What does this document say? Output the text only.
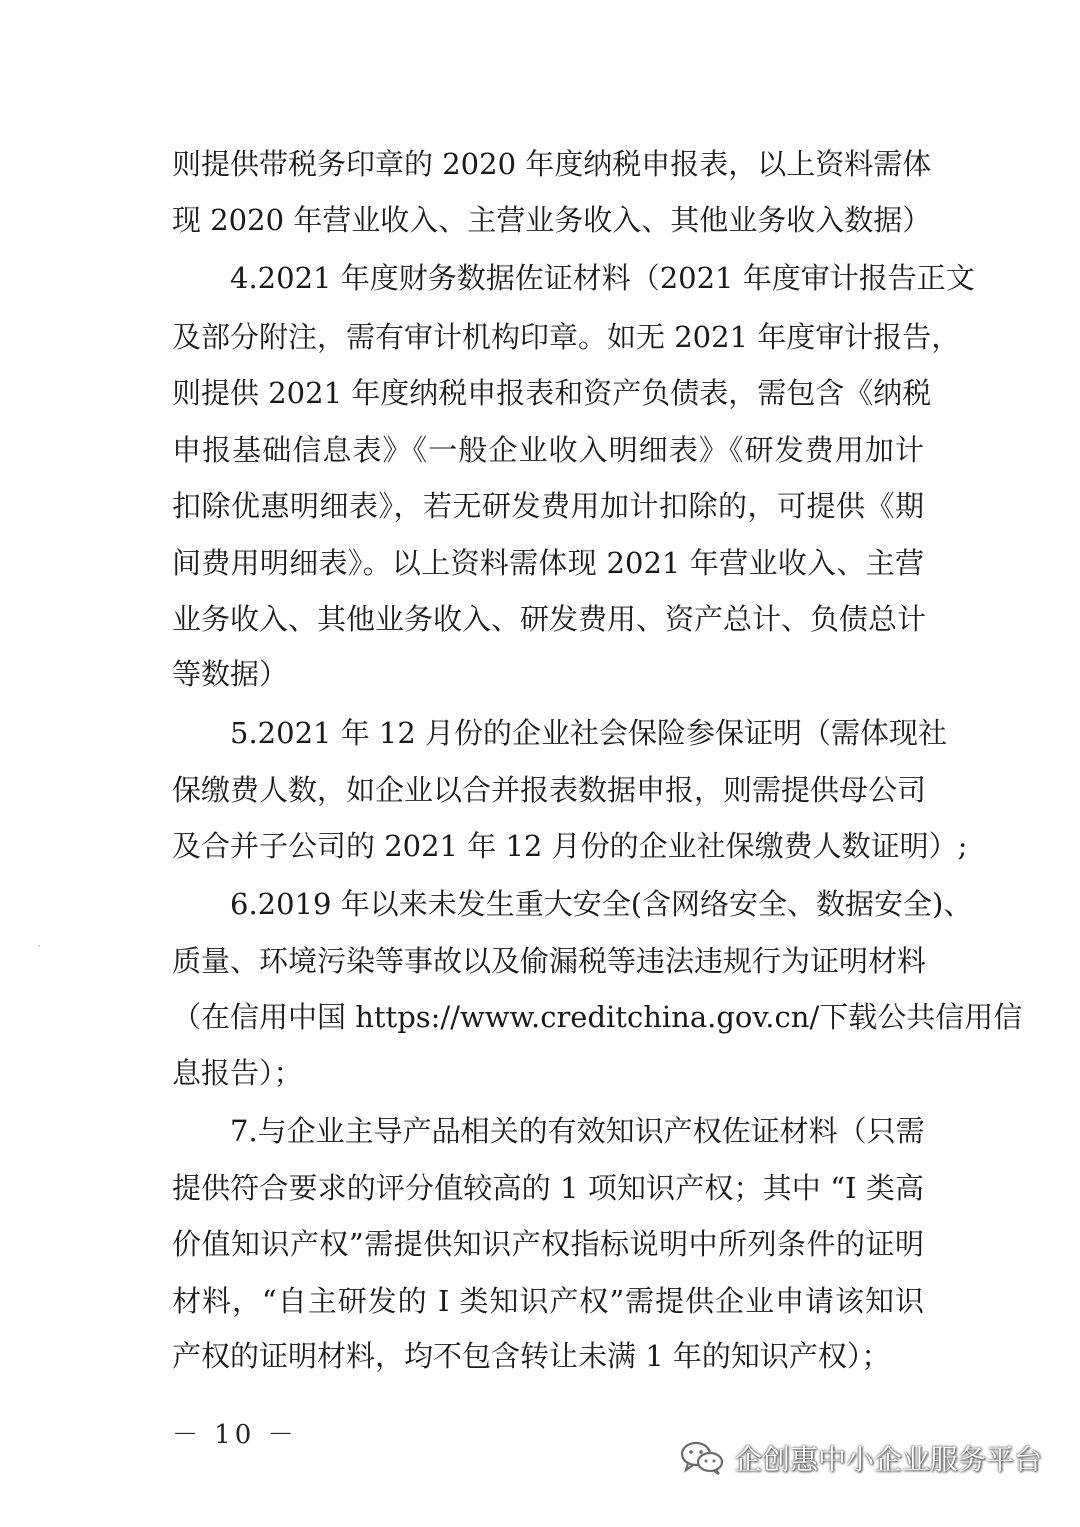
则提供带税务印章的 2020 年度纳税申报表，以上资料需体
现 2020 年营业收入、主营业务收入、其他业务收入数据）
4.2021 年度财务数据佐证材料（2021 年度审计报告正文
及部分附注，需有审计机构印章。如无 2021 年度审计报告，
则提供 2021 年度纳税申报表和资产负债表，需包含《纳税
申报基础信息表》《一般企业收入明细表》《研发费用加计
扣除优惠明细表》，若无研发费用加计扣除的，可提供《期
间费用明细表》。以上资料需体现 2021 年营业收入、主营
业务收入、其他业务收入、研发费用、资产总计、负债总计
等数据）
5.2021 年 12 月份的企业社会保险参保证明（需体现社
保缴费人数，如企业以合并报表数据申报，则需提供母公司
及合并子公司的 2021 年 12 月份的企业社保缴费人数证明）;
6.2019 年以来未发生重大安全(含网络安全、数据安全)、
质量、环境污染等事故以及偷漏税等违法违规行为证明材料
（在信用中国 https://www.creditchina.gov.cn/下载公共信用信
息报告）；
7.与企业主导产品相关的有效知识产权佐证材料（只需
提供符合要求的评分值较高的 1 项知识产权；其中 “I 类高
价值知识产权”需提供知识产权指标说明中所列条件的证明
材料，“自主研发的 I 类知识产权”需提供企业申请该知识
产权的证明材料，均不包含转让未满 1 年的知识产权）；
－ 10 －
企创惠中小企业服务平台
